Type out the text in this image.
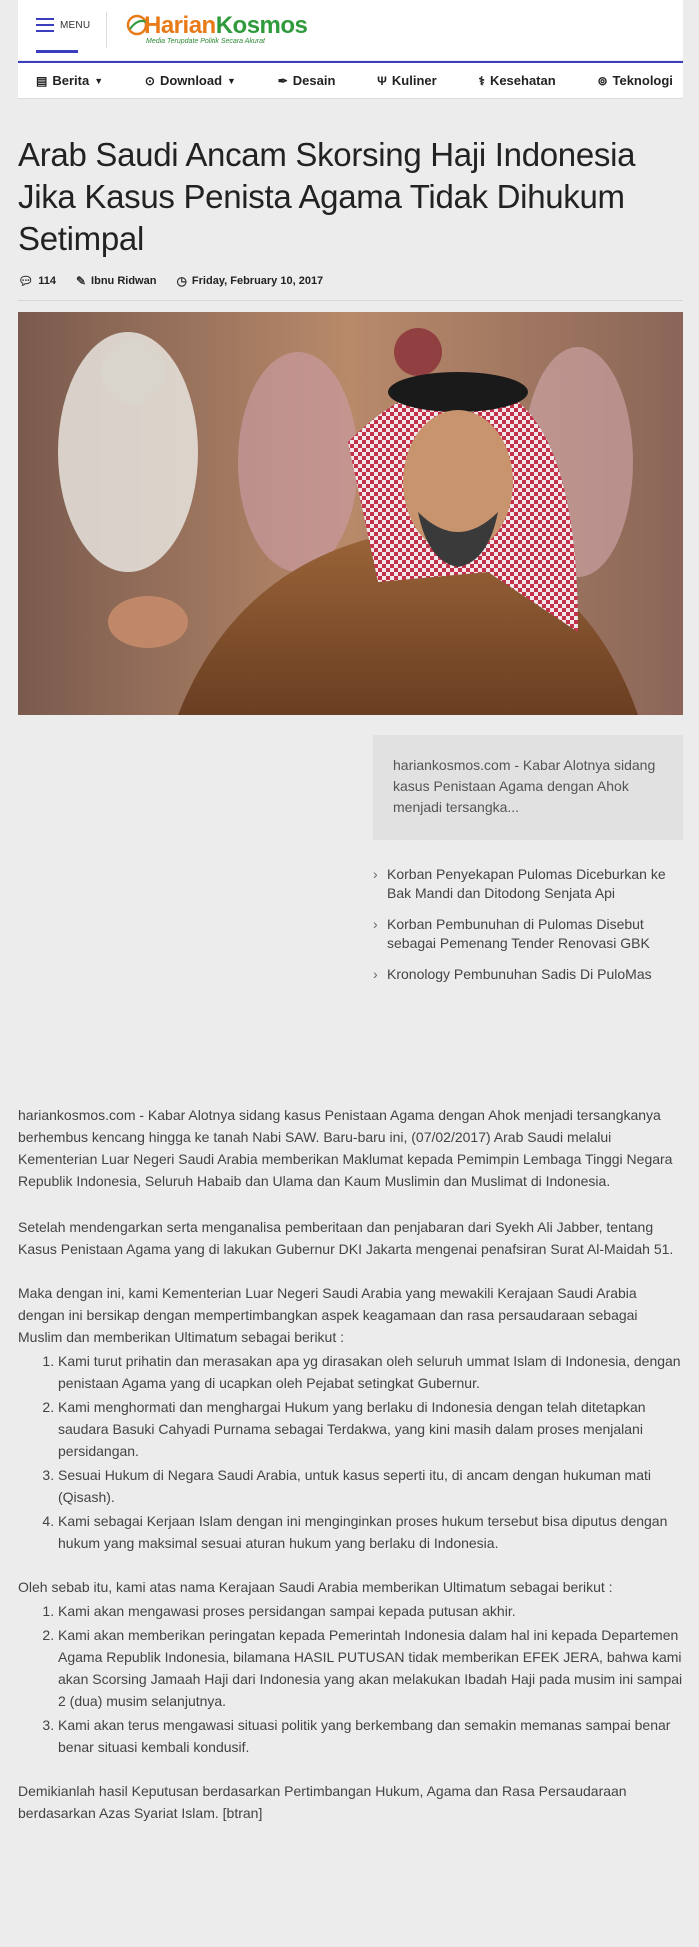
MENU HarianKosmos
Media Terupdate Politik Secara Akurat
▤ Berita ▼	⊙ Download ▼	✒ Desain	Ψ Kuliner	⚕ Kesehatan	⊚ Teknologi
Arab Saudi Ancam Skorsing Haji Indonesia Jika Kasus Penista Agama Tidak Dihukum Setimpal
💬︎ 114 ✎ Ibnu Ridwan ◷ Friday, February 10, 2017
hariankosmos.com - Kabar Alotnya sidang kasus Penistaan Agama dengan Ahok menjadi tersangka...
› Korban Penyekapan Pulomas Diceburkan ke Bak Mandi dan Ditodong Senjata Api
› Korban Pembunuhan di Pulomas Disebut sebagai Pemenang Tender Renovasi GBK
› Kronology Pembunuhan Sadis Di PuloMas

hariankosmos.com - Kabar Alotnya sidang kasus Penistaan Agama dengan Ahok menjadi tersangkanya berhembus kencang hingga ke tanah Nabi SAW. Baru-baru ini, (07/02/2017) Arab Saudi melalui Kementerian Luar Negeri Saudi Arabia memberikan Maklumat kepada Pemimpin Lembaga Tinggi Negara Republik Indonesia, Seluruh Habaib dan Ulama dan Kaum Muslimin dan Muslimat di Indonesia.

Setelah mendengarkan serta menganalisa pemberitaan dan penjabaran dari Syekh Ali Jabber, tentang Kasus Penistaan Agama yang di lakukan Gubernur DKI Jakarta mengenai penafsiran Surat Al-Maidah 51.

Maka dengan ini, kami Kementerian Luar Negeri Saudi Arabia yang mewakili Kerajaan Saudi Arabia dengan ini bersikap dengan mempertimbangkan aspek keagamaan dan rasa persaudaraan sebagai Muslim dan memberikan Ultimatum sebagai berikut :

1. Kami turut prihatin dan merasakan apa yg dirasakan oleh seluruh ummat Islam di Indonesia, dengan penistaan Agama yang di ucapkan oleh Pejabat setingkat Gubernur.
2. Kami menghormati dan menghargai Hukum yang berlaku di Indonesia dengan telah ditetapkan saudara Basuki Cahyadi Purnama sebagai Terdakwa, yang kini masih dalam proses menjalani persidangan.
3. Sesuai Hukum di Negara Saudi Arabia, untuk kasus seperti itu, di ancam dengan hukuman mati (Qisash).
4. Kami sebagai Kerjaan Islam dengan ini menginginkan proses hukum tersebut bisa diputus dengan hukum yang maksimal sesuai aturan hukum yang berlaku di Indonesia.

Oleh sebab itu, kami atas nama Kerajaan Saudi Arabia memberikan Ultimatum sebagai berikut :

1. Kami akan mengawasi proses persidangan sampai kepada putusan akhir.
2. Kami akan memberikan peringatan kepada Pemerintah Indonesia dalam hal ini kepada Departemen Agama Republik Indonesia, bilamana HASIL PUTUSAN tidak memberikan EFEK JERA, bahwa kami akan Scorsing Jamaah Haji dari Indonesia yang akan melakukan Ibadah Haji pada musim ini sampai 2 (dua) musim selanjutnya.
3. Kami akan terus mengawasi situasi politik yang berkembang dan semakin memanas sampai benar benar situasi kembali kondusif.

Demikianlah hasil Keputusan berdasarkan Pertimbangan Hukum, Agama dan Rasa Persaudaraan berdasarkan Azas Syariat Islam. [btran]
